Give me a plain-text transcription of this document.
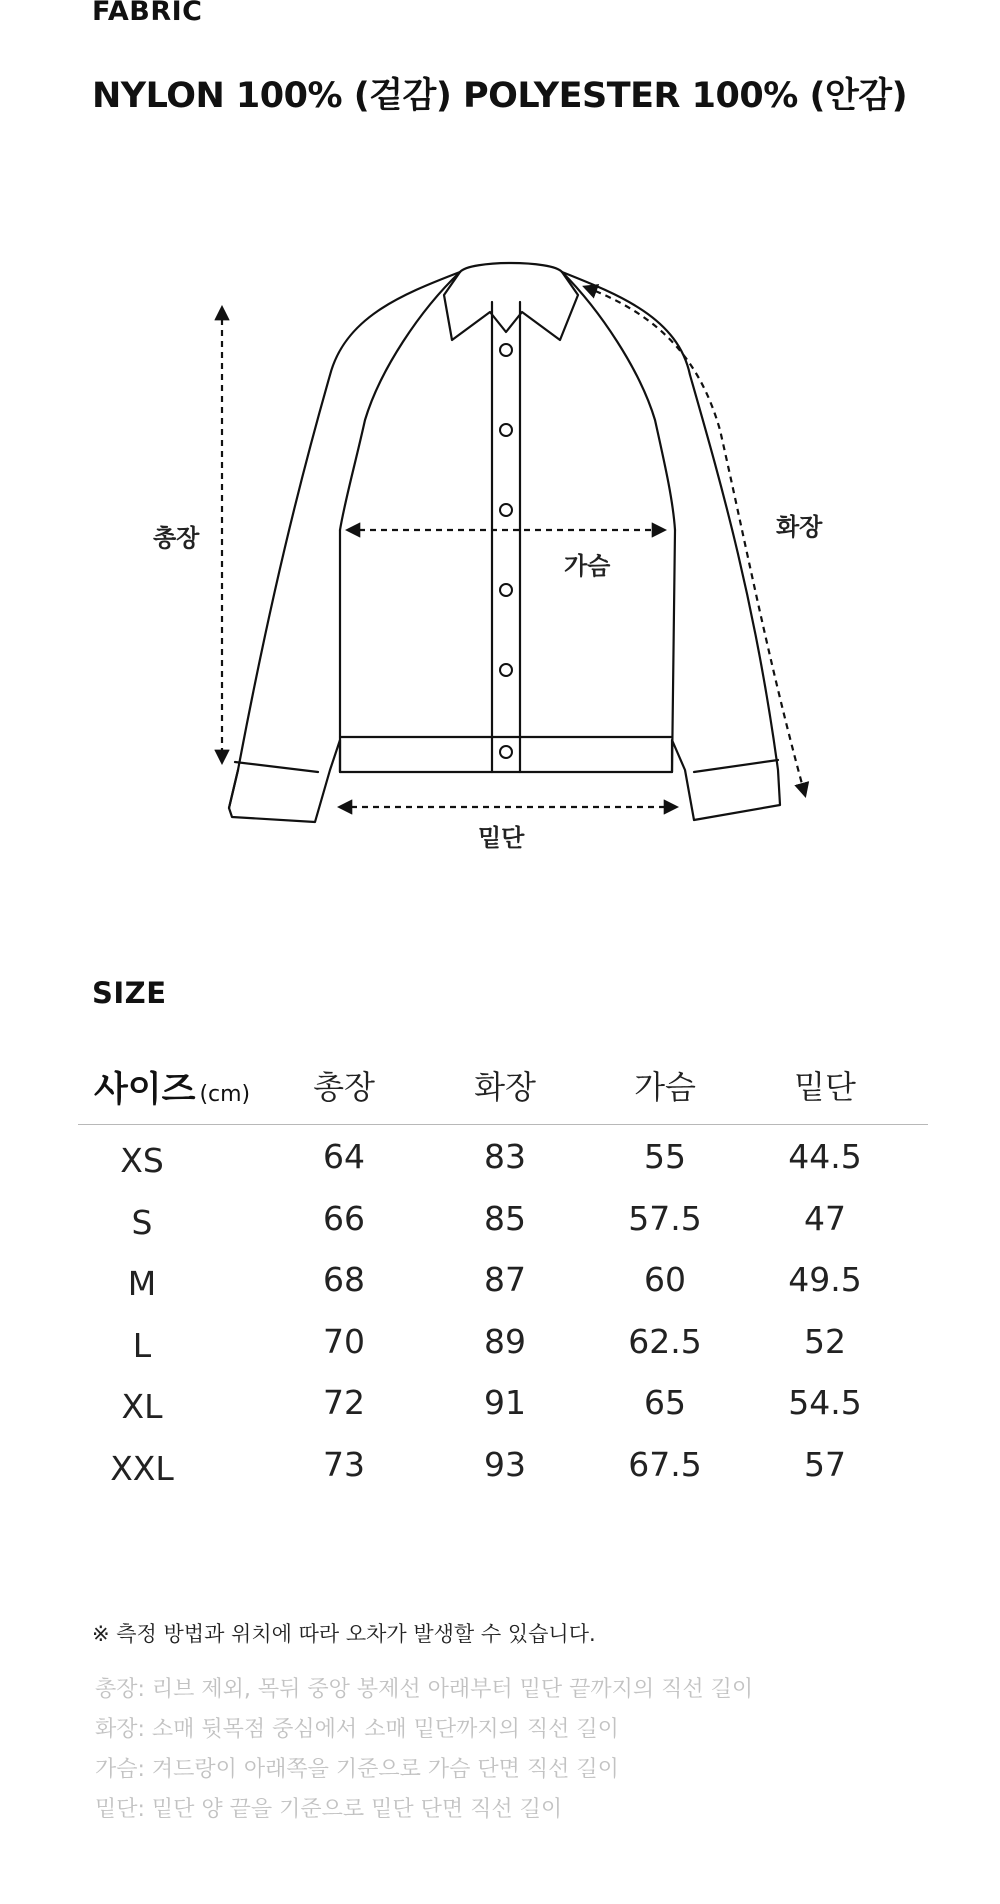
FABRIC
NYLON 100% (겉감) POLYESTER 100% (안감)
총장	화장
가슴
밑단
SIZE
사이즈 (cm) 총장	화장	가슴	밑단
XS	64	83	55	44.5
S	66	85	57.5	47
M	68	87	60	49.5
L	70	89	62.5	52
XL	72	91	65	54.5
XXL	73	93	67.5	57
※ 측정 방법과 위치에 따라 오차가 발생할 수 있습니다.
총장: 리브 제외, 목뒤 중앙 봉제선 아래부터 밑단 끝까지의 직선 길이
화장: 소매 뒷목점 중심에서 소매 밑단까지의 직선 길이
가슴: 겨드랑이 아래쪽을 기준으로 가슴 단면 직선 길이
밑단: 밑단 양 끝을 기준으로 밑단 단면 직선 길이
